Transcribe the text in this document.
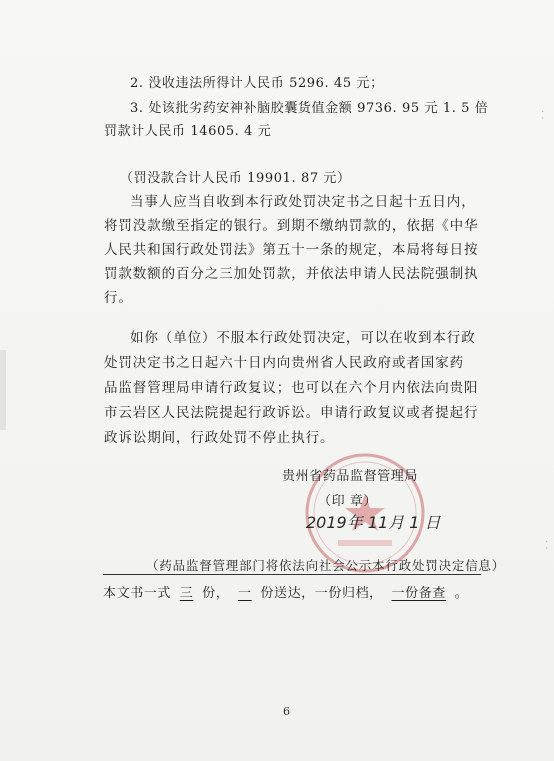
2. 没收违法所得计人民币 5296. 45 元；
3. 处该批劣药安神补脑胶囊货值金额 9736. 95 元 1. 5 倍
罚款计人民币 14605. 4 元
（罚没款合计人民币 19901. 87 元）
当事人应当自收到本行政处罚决定书之日起十五日内，
将罚没款缴至指定的银行。到期不缴纳罚款的，依据《中华
人民共和国行政处罚法》第五十一条的规定，本局将每日按
罚款数额的百分之三加处罚款，并依法申请人民法院强制执
行。
如你（单位）不服本行政处罚决定，可以在收到本行政
处罚决定书之日起六十日内向贵州省人民政府或者国家药
品监督管理局申请行政复议；也可以在六个月内依法向贵阳
市云岩区人民法院提起行政诉讼。申请行政复议或者提起行
政诉讼期间，行政处罚不停止执行。
贵州省药品监督管理局
（印 章）
2019年 11月 1 日
（药品监督管理部门将依法向社会公示本行政处罚决定信息）
本文书一式 三 份， 一 份送达，一份归档， 一份备查 。
6
· ·
· ·
